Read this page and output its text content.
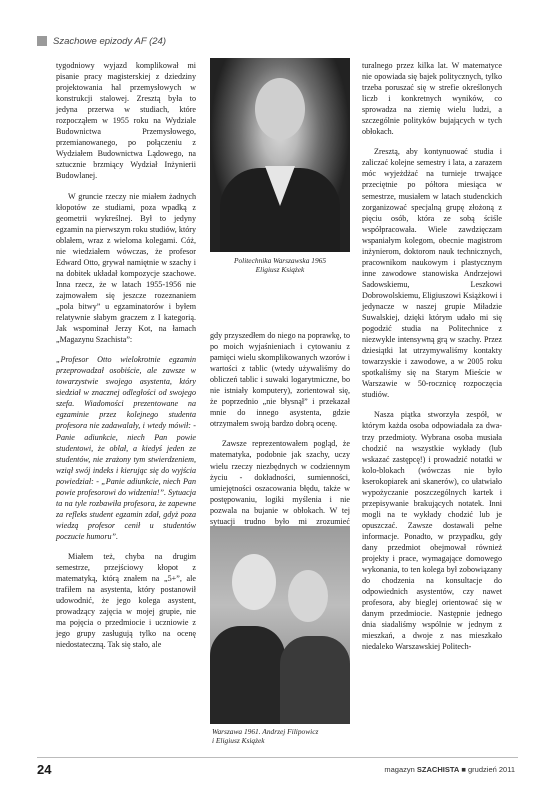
Szachowe epizody AF (24)

tygodniowy wyjazd komplikował mi pisanie pracy magisterskiej z dziedziny projektowania hal przemysłowych w konstrukcji stalowej. Zresztą była to jedyna przerwa w studiach, które rozpocząłem w 1955 roku na Wydziale Budownictwa Przemysłowego, przemianowanego, po połączeniu z Wydziałem Budownictwa Lądowego, na sztucznie brzmiący Wydział Inżynierii Budowlanej.

W gruncie rzeczy nie miałem żadnych kłopotów ze studiami, poza wpadką z geometrii wykreślnej. Był to jedyny egzamin na pierwszym roku studiów, który oblałem, wraz z wieloma kolegami. Cóż, nie wiedziałem wówczas, że profesor Edward Otto, grywał namiętnie w szachy i na dobitek układał kompozycje szachowe. Inna rzecz, że w latach 1955-1956 nie zajmowałem się jeszcze rozeznaniem „pola bitwy” u egzaminatorów i byłem relatywnie słabym graczem z I kategorią. Jak wspominał Jerzy Kot, na łamach „Magazynu Szachista”:

„Profesor Otto wielokrotnie egzamin przeprowadzał osobiście, ale zawsze w towarzystwie swojego asystenta, który siedział w znacznej odległości od swojego szefa. Wiadomości prezentowane na egzaminie przez kolejnego studenta profesora nie zadawalały, i wtedy mówił: - Panie adiunkcie, niech Pan powie studentowi, że oblał, a kiedyś jeden ze studentów, nie zrażony tym stwierdzeniem, wziął swój indeks i kierując się do wyjścia powiedział: - „Panie adiunkcie, niech Pan powie profesorowi do widzenia!”. Sytuacja ta na tyle rozbawiła profesora, że zapewne za refleks student egzamin zdał, gdyż poza wiedzą profesor cenił u studentów poczucie humoru”.

Miałem też, chyba na drugim semestrze, przejściowy kłopot z matematyką, którą znałem na „5+”, ale trafiłem na asystenta, który postanowił udowodnić, że jego kolega asystent, prowadzący zajęcia w mojej grupie, nie ma pojęcia o przedmiocie i uczniowie z jego grupy zasługują tylko na ocenę niedostateczną. Tak się stało, ale

Politechnika Warszawska 1965
Eligiusz Książek

gdy przyszedłem do niego na poprawkę, to po moich wyjaśnieniach i cytowaniu z pamięci wielu skomplikowanych wzorów i wartości z tablic (wtedy używaliśmy do obliczeń tablic i suwaki logarytmiczne, bo nie istniały komputery), zorientował się, że poprzednio „nie błysnął” i przekazał mnie do innego asystenta, gdzie otrzymałem swoją bardzo dobrą ocenę.

Zawsze reprezentowałem pogląd, że matematyka, podobnie jak szachy, uczy wielu rzeczy niezbędnych w codziennym życiu - dokładności, sumienności, umiejętności oszacowania błędu, także w postępowaniu, logiki myślenia i nie pozwala na bujanie w obłokach. W tej sytuacji trudno było mi zrozumieć

Warszawa 1961. Andrzej Filipowicz
i Eligiusz Książek

turalnego przez kilka lat. W matematyce nie opowiada się bajek politycznych, tylko trzeba poruszać się w strefie określonych liczb i konkretnych wyników, co sprowadza na ziemię wielu ludzi, a szczególnie polityków bujających w tych obłokach.

Zresztą, aby kontynuować studia i zaliczać kolejne semestry i lata, a zarazem móc wyjeżdżać na turnieje trwające przeciętnie po półtora miesiąca w semestrze, musiałem w latach studenckich zorganizować specjalną grupę złożoną z pięciu osób, która ze sobą ściśle współpracowała. Wiele zawdzięczam wspaniałym kolegom, obecnie magistrom inżynierom, doktorom nauk technicznych, pracownikom naukowym i plastycznym inne zawodowe stanowiska Andrzejowi Sadowskiemu, Leszkowi Dobrowolskiemu, Eligiuszowi Książkowi i jedynacze w naszej grupie Miładzie Suwalskiej, dzięki którym udało mi się pogodzić studia na Politechnice z niezwykle intensywną grą w szachy. Przez dziesiątki lat utrzymywaliśmy kontakty towarzyskie i zawodowe, a w 2005 roku spotkaliśmy się na Starym Mieście w Warszawie w 50-rocznicę rozpoczęcia studiów.

Nasza piątka stworzyła zespół, w którym każda osoba odpowiadała za dwa-trzy przedmioty. Wybrana osoba musiała chodzić na wszystkie wykłady (lub wskazać zastępcę!) i prowadzić notatki w kolo-blokach (wówczas nie było kserokopiarek ani skanerów), co ułatwiało wypożyczanie poszczególnych kartek i przepisywanie brakujących notatek. Inni mogli na te wykłady chodzić lub je opuszczać. Zawsze dostawali pełne informacje. Ponadto, w przypadku, gdy dany przedmiot obejmował również projekty i prace, wymagające domowego wykonania, to ten kolega był zobowiązany do chodzenia na konsultacje do odpowiednich asystentów, czy nawet profesora, aby bieglej orientować się w danym przedmiocie. Następnie jednego dnia siadaliśmy wspólnie w jednym z mieszkań, a dwoje z nas mieszkało niedaleko Warszawskiej Politech-

24	magazyn SZACHISTA ■ grudzień 2011
